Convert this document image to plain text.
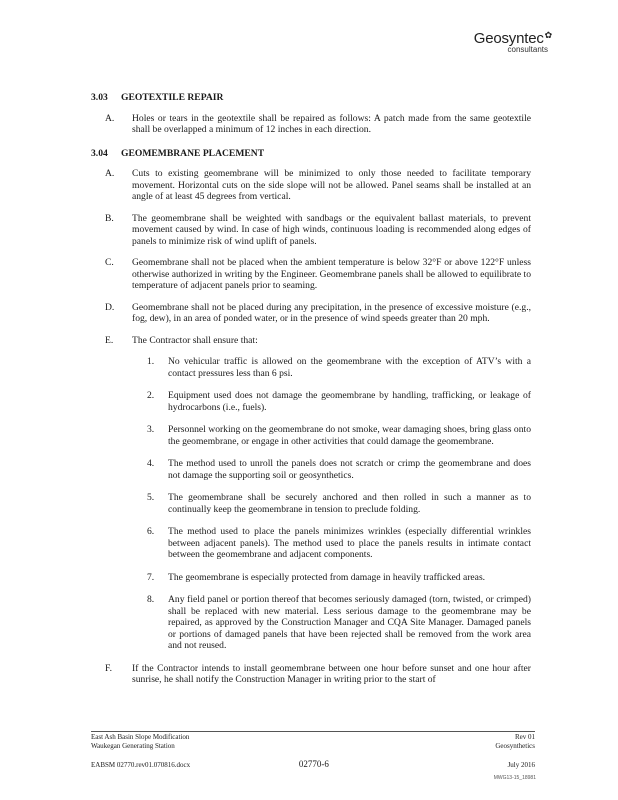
Geosyntec✿
consultants

3.03 GEOTEXTILE REPAIR

A. Holes or tears in the geotextile shall be repaired as follows: A patch made from the same geotextile shall be overlapped a minimum of 12 inches in each direction.

3.04 GEOMEMBRANE PLACEMENT

A. Cuts to existing geomembrane will be minimized to only those needed to facilitate temporary movement. Horizontal cuts on the side slope will not be allowed. Panel seams shall be installed at an angle of at least 45 degrees from vertical.

B. The geomembrane shall be weighted with sandbags or the equivalent ballast materials, to prevent movement caused by wind. In case of high winds, continuous loading is recommended along edges of panels to minimize risk of wind uplift of panels.

C. Geomembrane shall not be placed when the ambient temperature is below 32°F or above 122°F unless otherwise authorized in writing by the Engineer. Geomembrane panels shall be allowed to equilibrate to temperature of adjacent panels prior to seaming.

D. Geomembrane shall not be placed during any precipitation, in the presence of excessive moisture (e.g., fog, dew), in an area of ponded water, or in the presence of wind speeds greater than 20 mph.

E. The Contractor shall ensure that:

1. No vehicular traffic is allowed on the geomembrane with the exception of ATV’s with a contact pressures less than 6 psi.

2. Equipment used does not damage the geomembrane by handling, trafficking, or leakage of hydrocarbons (i.e., fuels).

3. Personnel working on the geomembrane do not smoke, wear damaging shoes, bring glass onto the geomembrane, or engage in other activities that could damage the geomembrane.

4. The method used to unroll the panels does not scratch or crimp the geomembrane and does not damage the supporting soil or geosynthetics.

5. The geomembrane shall be securely anchored and then rolled in such a manner as to continually keep the geomembrane in tension to preclude folding.

6. The method used to place the panels minimizes wrinkles (especially differential wrinkles between adjacent panels). The method used to place the panels results in intimate contact between the geomembrane and adjacent components.

7. The geomembrane is especially protected from damage in heavily trafficked areas.

8. Any field panel or portion thereof that becomes seriously damaged (torn, twisted, or crimped) shall be replaced with new material. Less serious damage to the geomembrane may be repaired, as approved by the Construction Manager and CQA Site Manager. Damaged panels or portions of damaged panels that have been rejected shall be removed from the work area and not reused.

F. If the Contractor intends to install geomembrane between one hour before sunset and one hour after sunrise, he shall notify the Construction Manager in writing prior to the start of

East Ash Basin Slope Modification	Rev 01
Waukegan Generating Station	Geosynthetics
EABSM 02770.rev01.070816.docx	02770-6	July 2016
MWG13-15_18981
